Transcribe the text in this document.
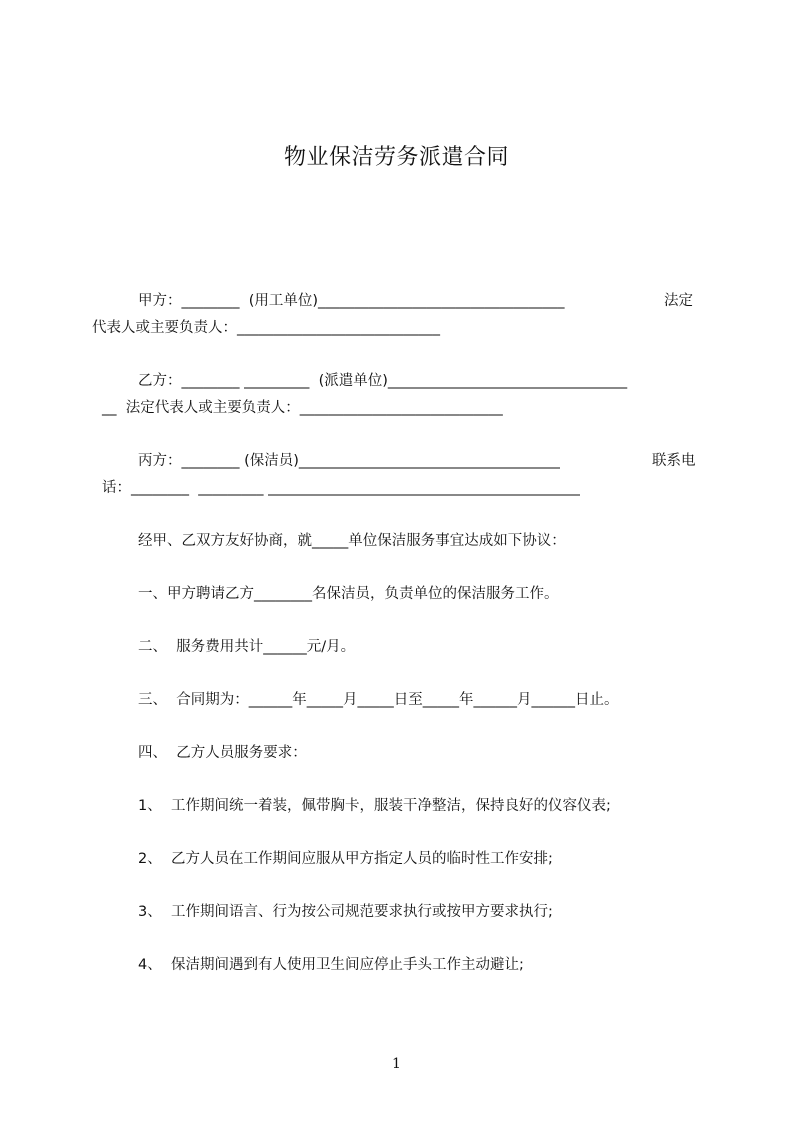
物业保洁劳务派遣合同
甲方：________  (用工单位)__________________________________	法定
代表人或主要负责人：____________________________
乙方：________ _________  (派遣单位)_________________________________
__  法定代表人或主要负责人：____________________________
丙方：________ (保洁员)____________________________________	联系电
话：________  _________ ___________________________________________
经甲、乙双方友好协商，就_____单位保洁服务事宜达成如下协议：
一、甲方聘请乙方________名保洁员，负责单位的保洁服务工作。
二、  服务费用共计______元/月。
三、  合同期为：______年_____月_____日至_____年______月______日止。
四、  乙方人员服务要求：
1、  工作期间统一着装，佩带胸卡，服装干净整洁，保持良好的仪容仪表;
2、  乙方人员在工作期间应服从甲方指定人员的临时性工作安排;
3、  工作期间语言、行为按公司规范要求执行或按甲方要求执行;
4、  保洁期间遇到有人使用卫生间应停止手头工作主动避让;
1
